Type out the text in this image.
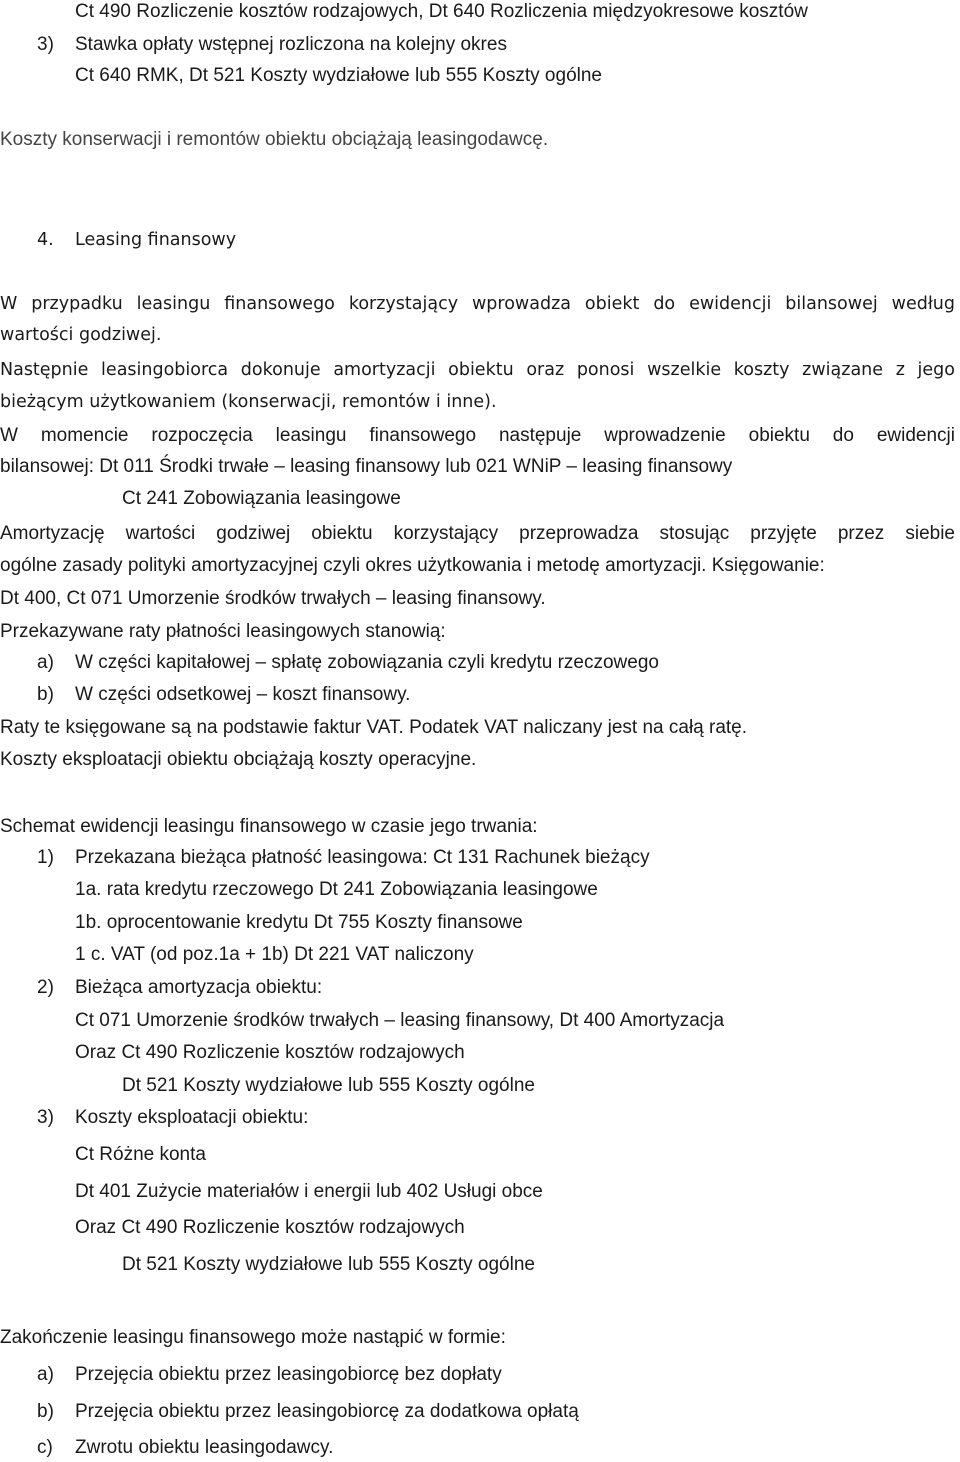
Ct 490 Rozliczenie kosztów rodzajowych, Dt 640 Rozliczenia międzyokresowe kosztów
3) Stawka opłaty wstępnej rozliczona na kolejny okres
Ct 640 RMK, Dt 521 Koszty wydziałowe lub 555 Koszty ogólne
Koszty konserwacji i remontów obiektu obciążają leasingodawcę.
4. Leasing finansowy
W przypadku leasingu finansowego korzystający wprowadza obiekt do ewidencji bilansowej według
wartości godziwej.
Następnie leasingobiorca dokonuje amortyzacji obiektu oraz ponosi wszelkie koszty związane z jego
bieżącym użytkowaniem (konserwacji, remontów i inne).
W momencie rozpoczęcia leasingu finansowego następuje wprowadzenie obiektu do ewidencji
bilansowej: Dt 011 Środki trwałe – leasing finansowy lub 021 WNiP – leasing finansowy
Ct 241 Zobowiązania leasingowe
Amortyzację wartości godziwej obiektu korzystający przeprowadza stosując przyjęte przez siebie
ogólne zasady polityki amortyzacyjnej czyli okres użytkowania i metodę amortyzacji. Księgowanie:
Dt 400, Ct 071 Umorzenie środków trwałych – leasing finansowy.
Przekazywane raty płatności leasingowych stanowią:
a) W części kapitałowej – spłatę zobowiązania czyli kredytu rzeczowego
b) W części odsetkowej – koszt finansowy.
Raty te księgowane są na podstawie faktur VAT. Podatek VAT naliczany jest na całą ratę.
Koszty eksploatacji obiektu obciążają koszty operacyjne.
Schemat ewidencji leasingu finansowego w czasie jego trwania:
1) Przekazana bieżąca płatność leasingowa: Ct 131 Rachunek bieżący
1a. rata kredytu rzeczowego Dt 241 Zobowiązania leasingowe
1b. oprocentowanie kredytu Dt 755 Koszty finansowe
1 c. VAT (od poz.1a + 1b) Dt 221 VAT naliczony
2) Bieżąca amortyzacja obiektu:
Ct 071 Umorzenie środków trwałych – leasing finansowy, Dt 400 Amortyzacja
Oraz Ct 490 Rozliczenie kosztów rodzajowych
Dt 521 Koszty wydziałowe lub 555 Koszty ogólne
3) Koszty eksploatacji obiektu:
Ct Różne konta
Dt 401 Zużycie materiałów i energii lub 402 Usługi obce
Oraz Ct 490 Rozliczenie kosztów rodzajowych
Dt 521 Koszty wydziałowe lub 555 Koszty ogólne
Zakończenie leasingu finansowego może nastąpić w formie:
a) Przejęcia obiektu przez leasingobiorcę bez dopłaty
b) Przejęcia obiektu przez leasingobiorcę za dodatkowa opłatą
c) Zwrotu obiektu leasingodawcy.
